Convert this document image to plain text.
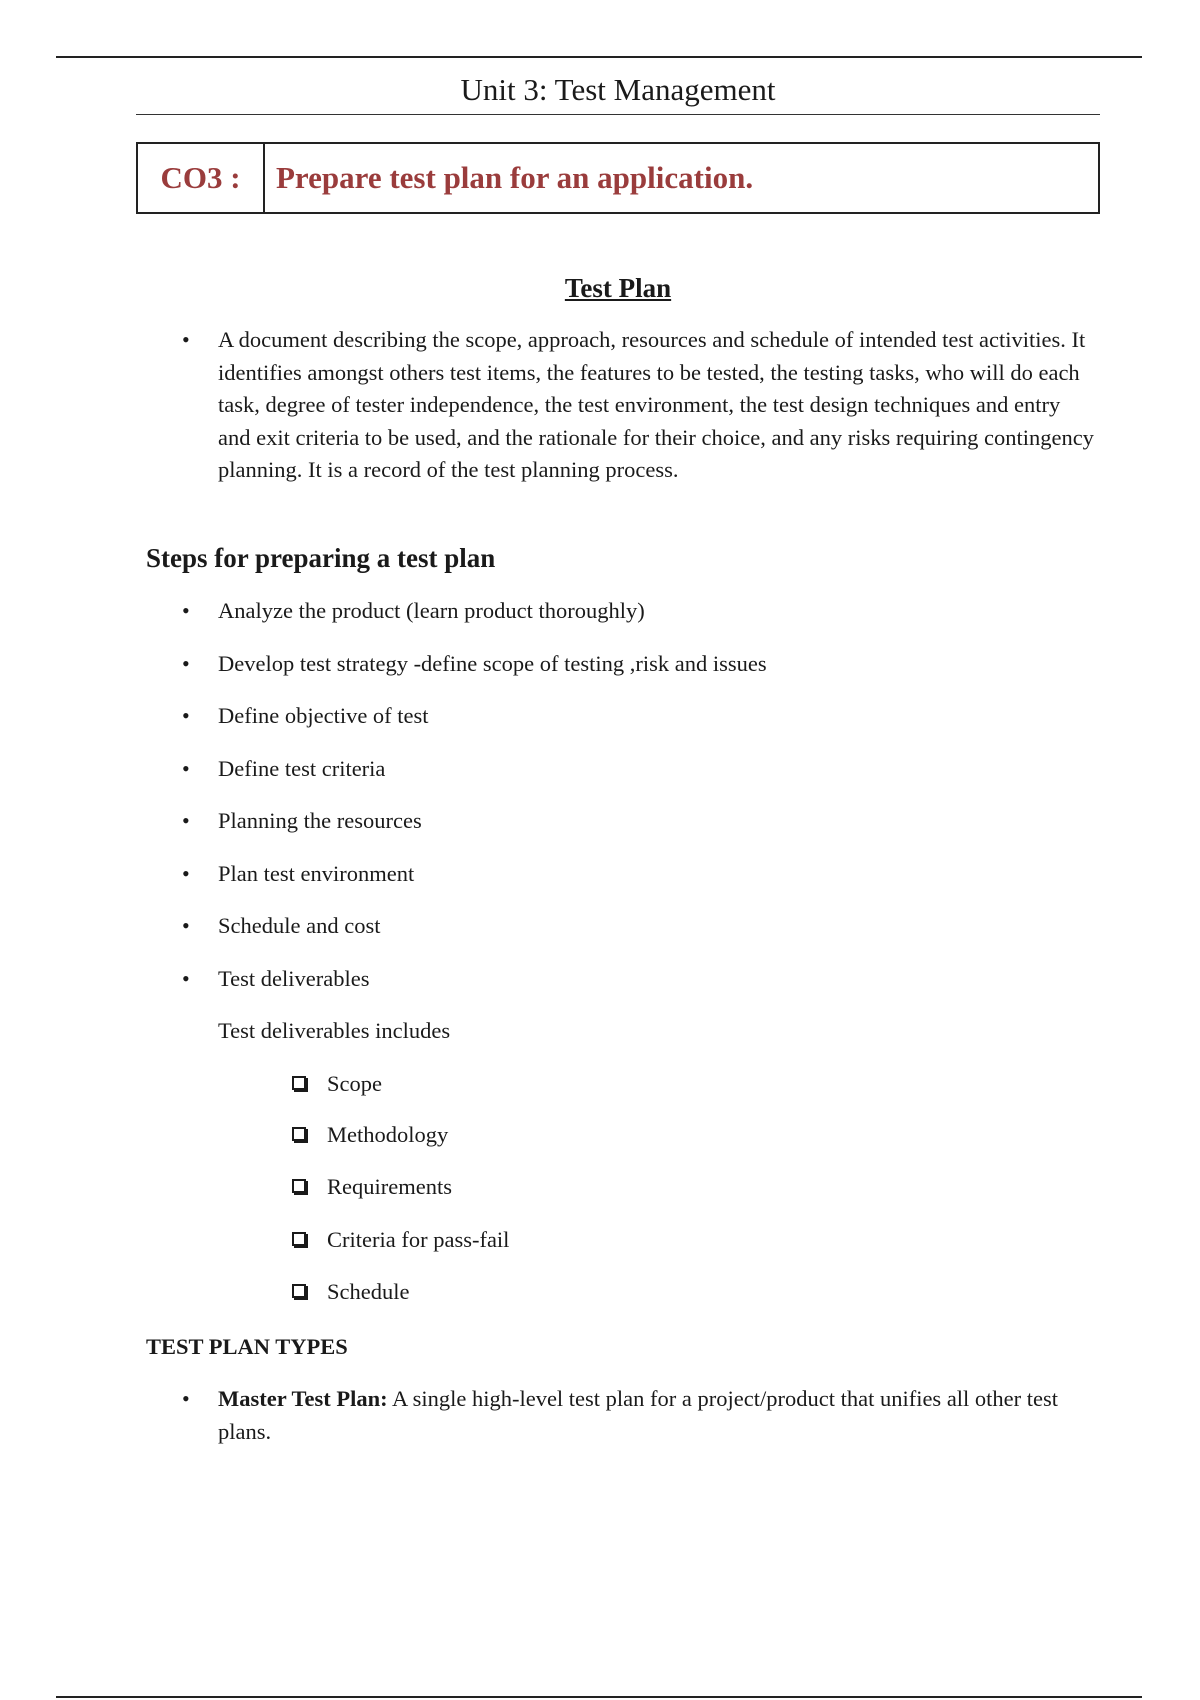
Unit 3: Test Management
CO3 :	Prepare test plan for an application.
Test Plan
• A document describing the scope, approach, resources and schedule of intended test activities. It identifies amongst others test items, the features to be tested, the testing tasks, who will do each task, degree of tester independence, the test environment, the test design techniques and entry and exit criteria to be used, and the rationale for their choice, and any risks requiring contingency planning. It is a record of the test planning process.
Steps for preparing a test plan
• Analyze the product (learn product thoroughly)
• Develop test strategy -define scope of testing ,risk and issues
• Define objective of test
• Define test criteria
• Planning the resources
• Plan test environment
• Schedule and cost
• Test deliverables
Test deliverables includes
Scope
Methodology
Requirements
Criteria for pass-fail
Schedule
TEST PLAN TYPES
• Master Test Plan: A single high-level test plan for a project/product that unifies all other test plans.
